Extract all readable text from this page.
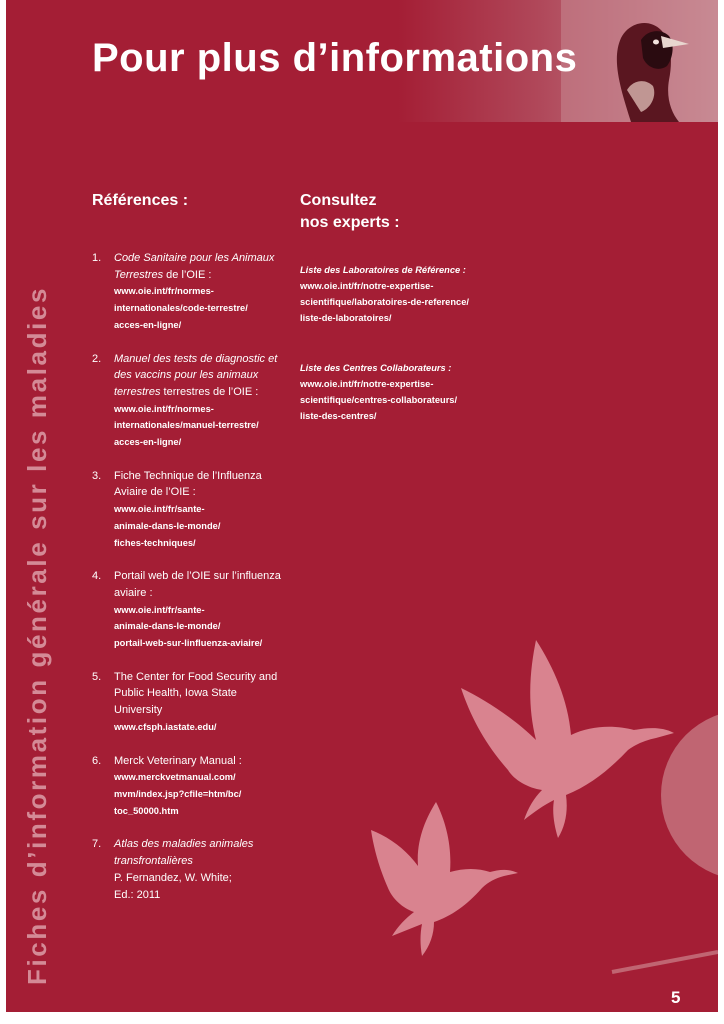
Pour plus d’informations
Fiches d’information générale sur les maladies
Références :
1. Code Sanitaire pour les Animaux Terrestres de l’OIE :
www.oie.int/fr/normes-
internationales/code-terrestre/
acces-en-ligne/
2. Manuel des tests de diagnostic et des vaccins pour les animaux terrestres terrestres de l’OIE :
www.oie.int/fr/normes-
internationales/manuel-terrestre/
acces-en-ligne/
3. Fiche Technique de l’Influenza Aviaire de l’OIE :
www.oie.int/fr/sante-
animale-dans-le-monde/
fiches-techniques/
4. Portail web de l’OIE sur l’influenza aviaire :
www.oie.int/fr/sante-
animale-dans-le-monde/
portail-web-sur-linfluenza-aviaire/
5. The Center for Food Security and Public Health, Iowa State University
www.cfsph.iastate.edu/
6. Merck Veterinary Manual :
www.merckvetmanual.com/
mvm/index.jsp?cfile=htm/bc/
toc_50000.htm
7. Atlas des maladies animales transfrontalières
P. Fernandez, W. White;
Ed.: 2011
Consultez
nos experts :
Liste des Laboratoires de Référence :
www.oie.int/fr/notre-expertise-
scientifique/laboratoires-de-reference/
liste-de-laboratoires/
Liste des Centres Collaborateurs :
www.oie.int/fr/notre-expertise-
scientifique/centres-collaborateurs/
liste-des-centres/
5
